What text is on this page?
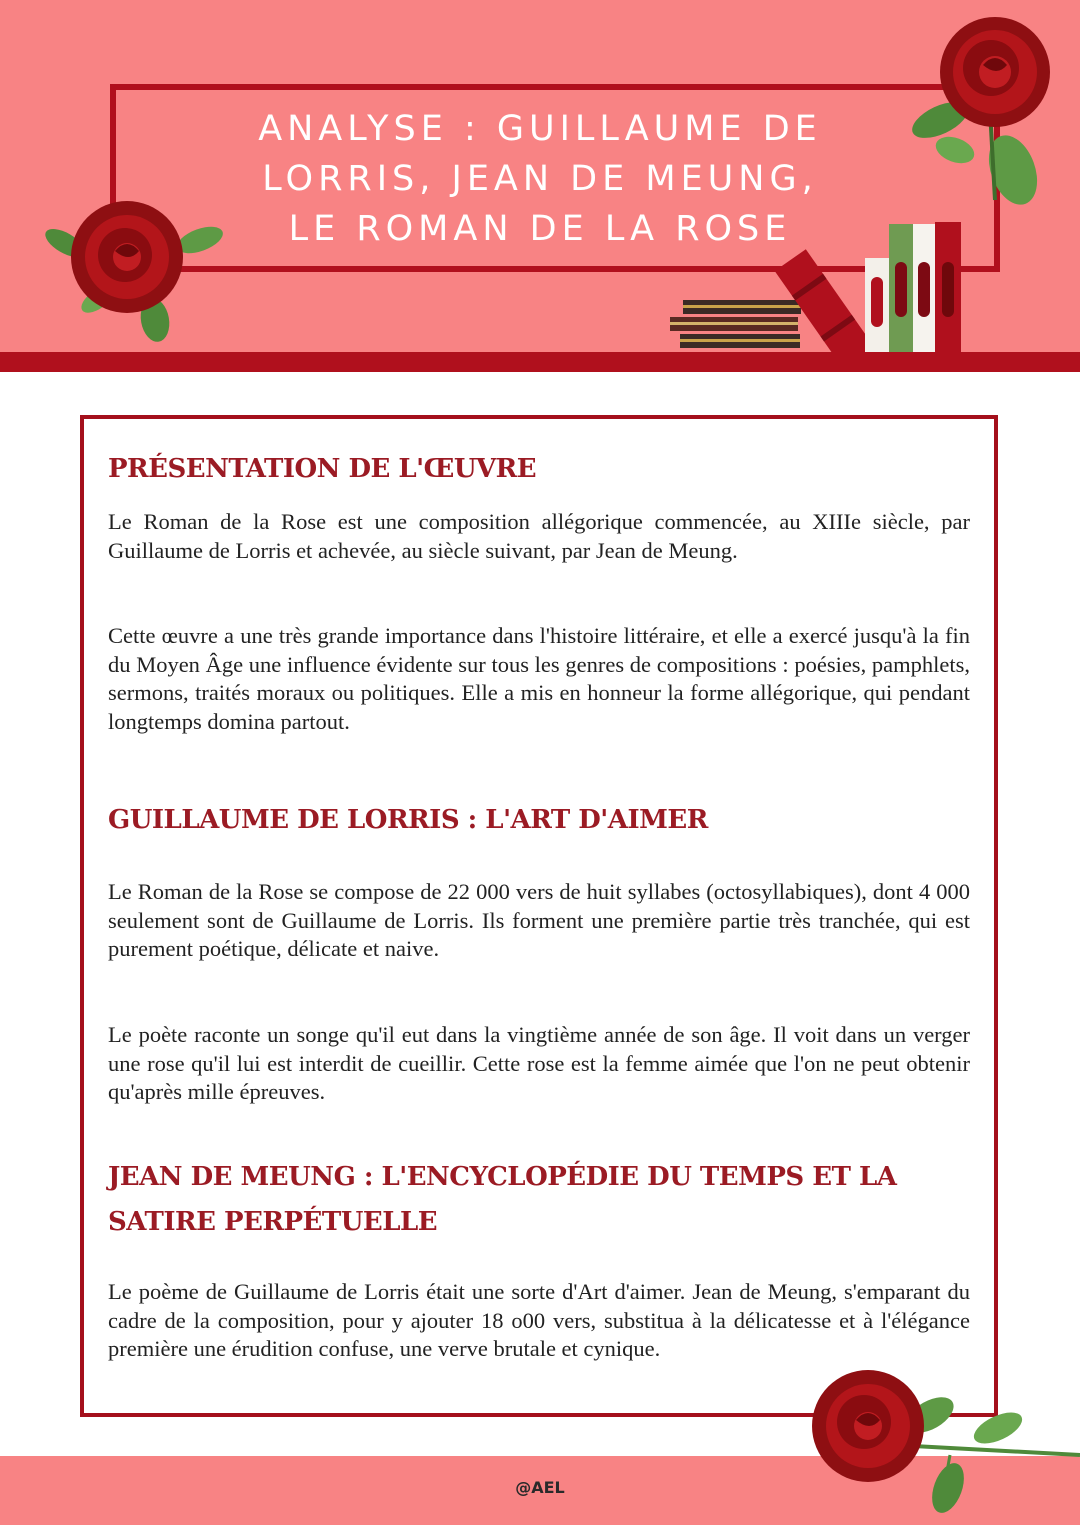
ANALYSE : GUILLAUME DE LORRIS, JEAN DE MEUNG, LE ROMAN DE LA ROSE
PRÉSENTATION DE L'ŒUVRE

Le Roman de la Rose est une composition allégorique commencée, au XIIIe siècle, par Guillaume de Lorris et achevée, au siècle suivant, par Jean de Meung.

Cette œuvre a une très grande importance dans l'histoire littéraire, et elle a exercé jusqu'à la fin du Moyen Âge une influence évidente sur tous les genres de compositions : poésies, pamphlets, sermons, traités moraux ou politiques. Elle a mis en honneur la forme allégorique, qui pendant longtemps domina partout.

GUILLAUME DE LORRIS : L'ART D'AIMER

Le Roman de la Rose se compose de 22 000 vers de huit syllabes (octosyllabiques), dont 4 000 seulement sont de Guillaume de Lorris. Ils forment une première partie très tranchée, qui est purement poétique, délicate et naive.

Le poète raconte un songe qu'il eut dans la vingtième année de son âge. Il voit dans un verger une rose qu'il lui est interdit de cueillir. Cette rose est la femme aimée que l'on ne peut obtenir qu'après mille épreuves.

JEAN DE MEUNG : L'ENCYCLOPÉDIE DU TEMPS ET LA SATIRE PERPÉTUELLE

Le poème de Guillaume de Lorris était une sorte d'Art d'aimer. Jean de Meung, s'emparant du cadre de la composition, pour y ajouter 18 o00 vers, substitua à la délicatesse et à l'élégance première une érudition confuse, une verve brutale et cynique.

@AEL
